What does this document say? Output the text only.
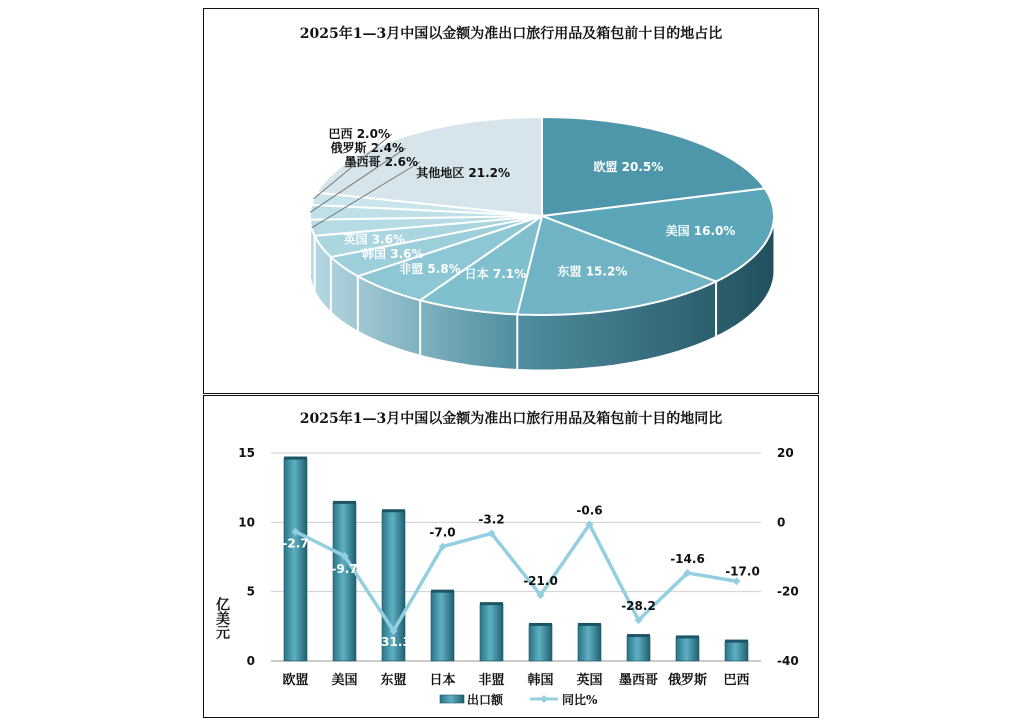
2025年1—3月中国以金额为准出口旅行用品及箱包前十目的地占比
欧盟 20.5%
美国 16.0%
东盟 15.2%
日本 7.1%
非盟 5.8%
韩国 3.6%
英国 3.6%
墨西哥 2.6%
俄罗斯 2.4%
巴西 2.0%
其他地区 21.2%
2025年1—3月中国以金额为准出口旅行用品及箱包前十目的地同比
0
5
10
15
-40
-20
0
20
亿美元
欧盟 美国 东盟 日本 非盟 韩国 英国 墨西哥 俄罗斯 巴西
-2.7
-9.7
-31.3
-7.0
-3.2
-21.0
-0.6
-28.2
-14.6
-17.0
出口额	同比%
